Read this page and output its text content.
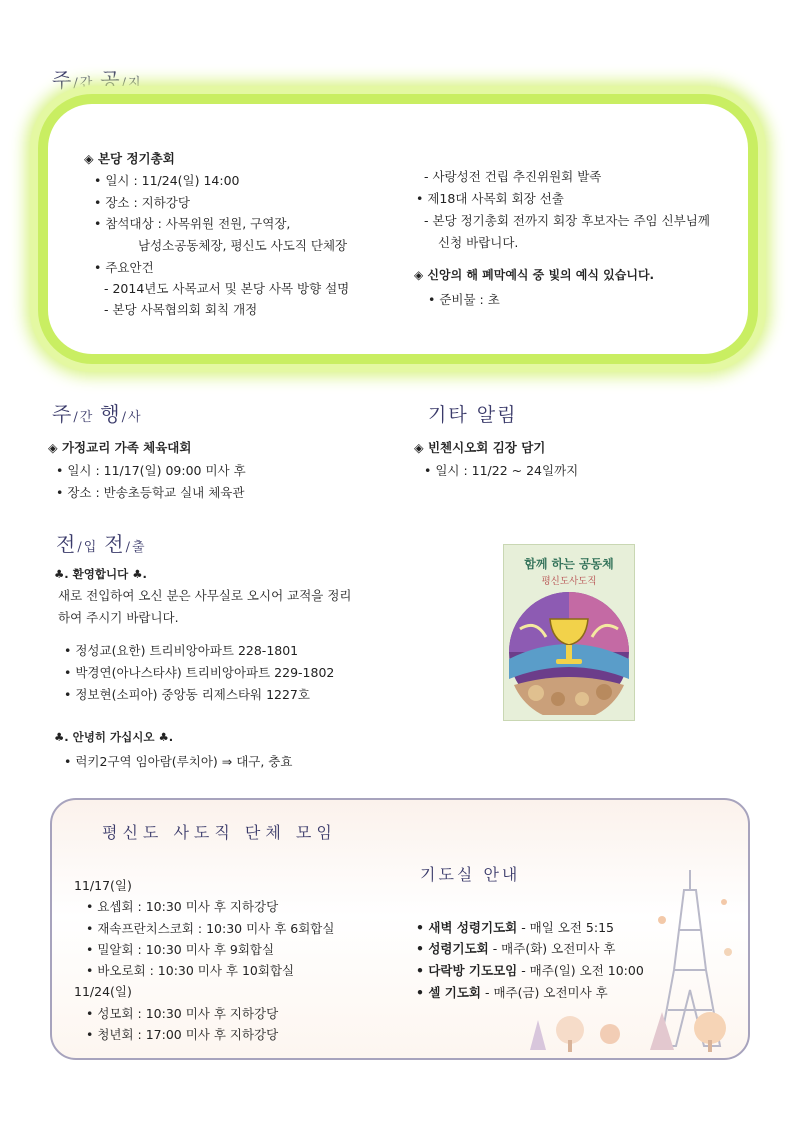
주/간 공/지
◈ 본당 정기총회
• 일시 : 11/24(일) 14:00
• 장소 : 지하강당
• 참석대상 : 사목위원 전원, 구역장,
남성소공동체장, 평신도 사도직 단체장
• 주요안건
- 2014년도 사목교서 및 본당 사목 방향 설명
- 본당 사목협의회 회칙 개정
- 사랑성전 건립 추진위원회 발족
• 제18대 사목회 회장 선출
- 본당 정기총회 전까지 회장 후보자는 주임 신부님께
신청 바랍니다.
◈ 신앙의 해 폐막예식 중 빛의 예식 있습니다.
• 준비물 : 초
주/간 행/사
◈ 가정교리 가족 체육대회
• 일시 : 11/17(일) 09:00 미사 후
• 장소 : 반송초등학교 실내 체육관
기타 알림
◈ 빈첸시오회 김장 담기
• 일시 : 11/22 ~ 24일까지
전/입 전/출
♣. 환영합니다 ♣.
새로 전입하여 오신 분은 사무실로 오시어 교적을 정리
하여 주시기 바랍니다.
• 정성교(요한) 트리비앙아파트 228-1801
• 박경연(아나스타샤) 트리비앙아파트 229-1802
• 정보현(소피아) 중앙동 리제스타워 1227호
♣. 안녕히 가십시오 ♣.
• 럭키2구역 임아람(루치아) ⇒ 대구, 충효
함께 하는 공동체
평신도사도직
평신도 사도직 단체 모임
11/17(일)
• 요셉회 : 10:30 미사 후 지하강당
• 재속프란치스코회 : 10:30 미사 후 6회합실
• 밀알회 : 10:30 미사 후 9회합실
• 바오로회 : 10:30 미사 후 10회합실
11/24(일)
• 성모회 : 10:30 미사 후 지하강당
• 청년회 : 17:00 미사 후 지하강당
기도실 안내
• 새벽 성령기도회 - 매일 오전 5:15
• 성령기도회 - 매주(화) 오전미사 후
• 다락방 기도모임 - 매주(일) 오전 10:00
• 셀 기도회 - 매주(금) 오전미사 후
